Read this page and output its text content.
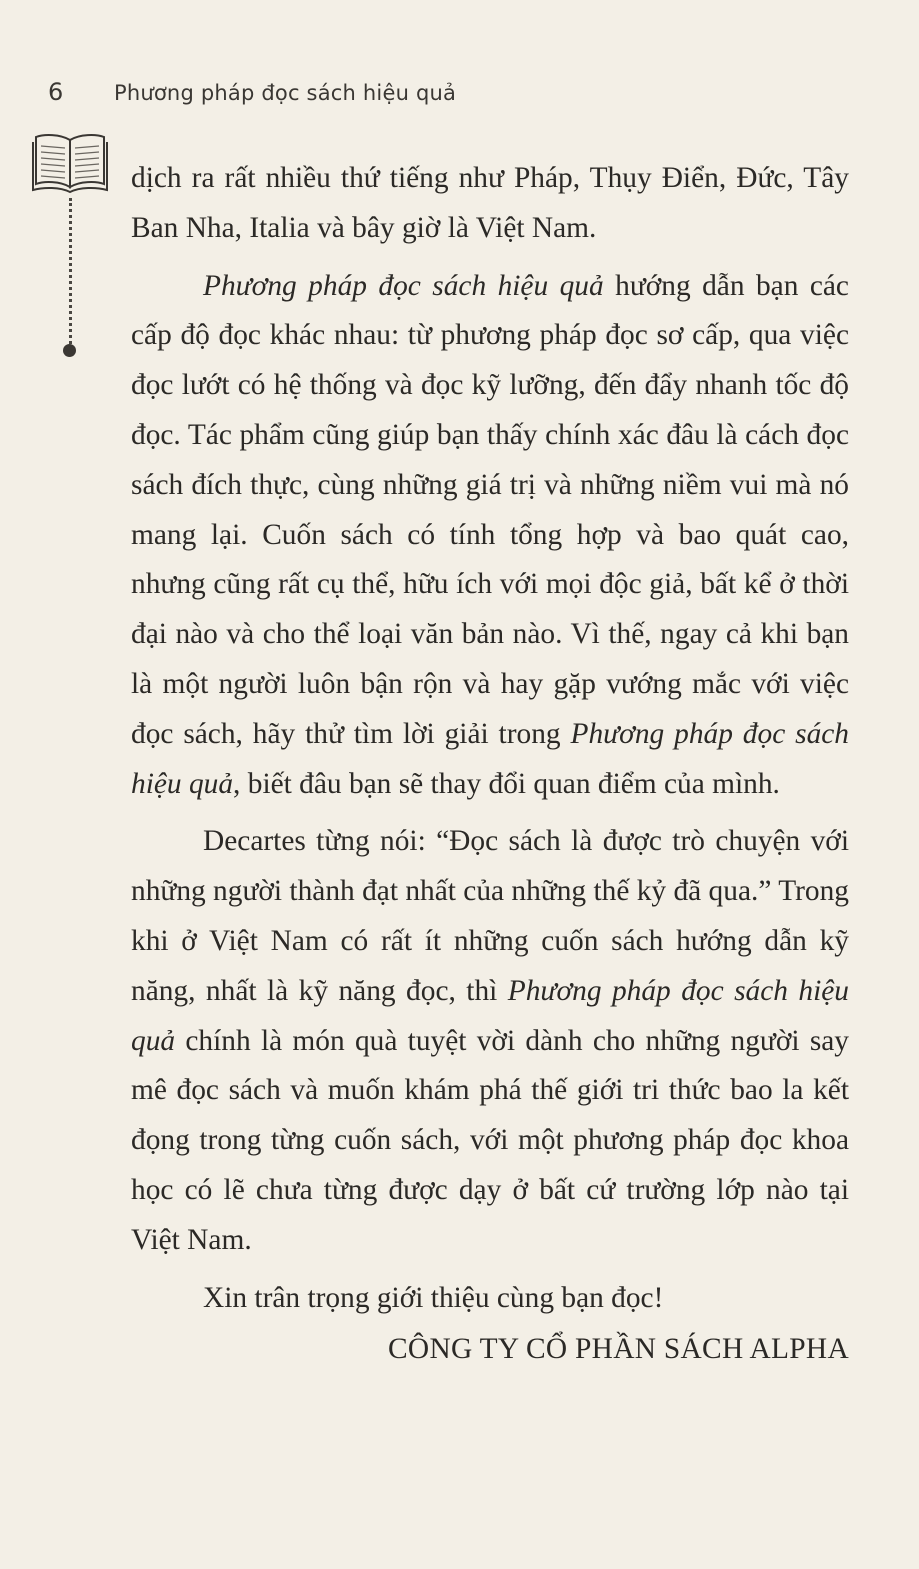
6	Phương pháp đọc sách hiệu quả

dịch ra rất nhiều thứ tiếng như Pháp, Thụy Điển, Đức, Tây Ban Nha, Italia và bây giờ là Việt Nam.

Phương pháp đọc sách hiệu quả hướng dẫn bạn các cấp độ đọc khác nhau: từ phương pháp đọc sơ cấp, qua việc đọc lướt có hệ thống và đọc kỹ lưỡng, đến đẩy nhanh tốc độ đọc. Tác phẩm cũng giúp bạn thấy chính xác đâu là cách đọc sách đích thực, cùng những giá trị và những niềm vui mà nó mang lại. Cuốn sách có tính tổng hợp và bao quát cao, nhưng cũng rất cụ thể, hữu ích với mọi độc giả, bất kể ở thời đại nào và cho thể loại văn bản nào. Vì thế, ngay cả khi bạn là một người luôn bận rộn và hay gặp vướng mắc với việc đọc sách, hãy thử tìm lời giải trong Phương pháp đọc sách hiệu quả, biết đâu bạn sẽ thay đổi quan điểm của mình.

Decartes từng nói: “Đọc sách là được trò chuyện với những người thành đạt nhất của những thế kỷ đã qua.” Trong khi ở Việt Nam có rất ít những cuốn sách hướng dẫn kỹ năng, nhất là kỹ năng đọc, thì Phương pháp đọc sách hiệu quả chính là món quà tuyệt vời dành cho những người say mê đọc sách và muốn khám phá thế giới tri thức bao la kết đọng trong từng cuốn sách, với một phương pháp đọc khoa học có lẽ chưa từng được dạy ở bất cứ trường lớp nào tại Việt Nam.

Xin trân trọng giới thiệu cùng bạn đọc!

CÔNG TY CỔ PHẦN SÁCH ALPHA
